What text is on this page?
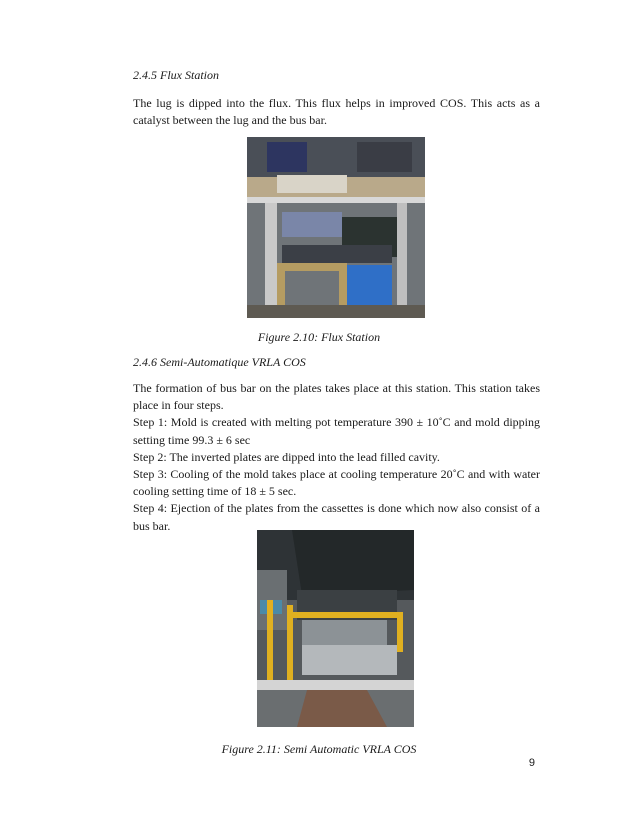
2.4.5 Flux Station

The lug is dipped into the flux. This flux helps in improved COS. This acts as a catalyst between the lug and the bus bar.

Figure 2.10: Flux Station
2.4.6 Semi-Automatique VRLA COS

The formation of bus bar on the plates takes place at this station. This station takes place in four steps.

Step 1: Mold is created with melting pot temperature 390 ± 10˚C and mold dipping setting time 99.3 ± 6 sec

Step 2: The inverted plates are dipped into the lead filled cavity.

Step 3: Cooling of the mold takes place at cooling temperature 20˚C and with water cooling setting time of 18 ± 5 sec.

Step 4: Ejection of the plates from the cassettes is done which now also consist of a bus bar.

Figure 2.11: Semi Automatic VRLA COS
9
